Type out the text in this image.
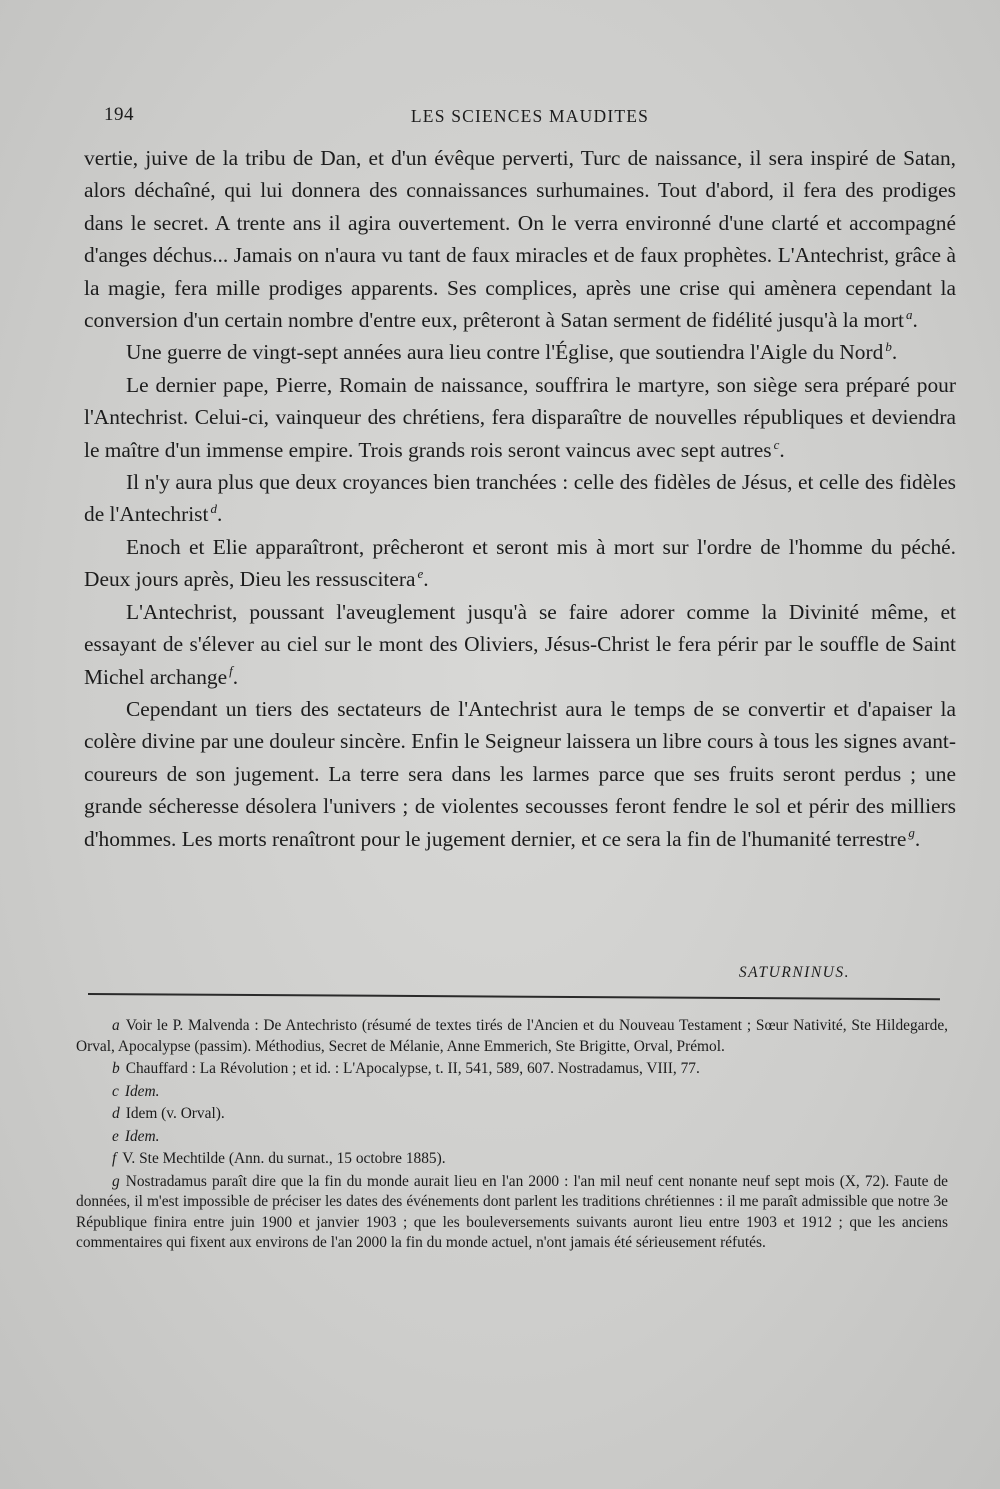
194	LES SCIENCES MAUDITES

vertie, juive de la tribu de Dan, et d'un évêque perverti, Turc de naissance, il sera inspiré de Satan, alors déchaîné, qui lui donnera des connaissances surhumaines. Tout d'abord, il fera des prodiges dans le secret. A trente ans il agira ouvertement. On le verra environné d'une clarté et accompagné d'anges déchus... Jamais on n'aura vu tant de faux miracles et de faux prophètes. L'Antechrist, grâce à la magie, fera mille prodiges apparents. Ses complices, après une crise qui amènera cependant la conversion d'un certain nombre d'entre eux, prêteront à Satan serment de fidélité jusqu'à la mort $^a$.

Une guerre de vingt-sept années aura lieu contre l'Église, que soutiendra l'Aigle du Nord $^b$.

Le dernier pape, Pierre, Romain de naissance, souffrira le martyre, son siège sera préparé pour l'Antechrist. Celui-ci, vainqueur des chrétiens, fera disparaître de nouvelles républiques et deviendra le maître d'un immense empire. Trois grands rois seront vaincus avec sept autres $^c$.

Il n'y aura plus que deux croyances bien tranchées : celle des fidèles de Jésus, et celle des fidèles de l'Antechrist $^d$.

Enoch et Elie apparaîtront, prêcheront et seront mis à mort sur l'ordre de l'homme du péché. Deux jours après, Dieu les ressuscitera $^e$.

L'Antechrist, poussant l'aveuglement jusqu'à se faire adorer comme la Divinité même, et essayant de s'élever au ciel sur le mont des Oliviers, Jésus-Christ le fera périr par le souffle de Saint Michel archange $^f$.

Cependant un tiers des sectateurs de l'Antechrist aura le temps de se convertir et d'apaiser la colère divine par une douleur sincère. Enfin le Seigneur laissera un libre cours à tous les signes avant-coureurs de son jugement. La terre sera dans les larmes parce que ses fruits seront perdus ; une grande sécheresse désolera l'univers ; de violentes secousses feront fendre le sol et périr des milliers d'hommes. Les morts renaîtront pour le jugement dernier, et ce sera la fin de l'humanité terrestre $^g$.

SATURNINUS.

a Voir le P. Malvenda : De Antechristo (résumé de textes tirés de l'Ancien et du Nouveau Testament ; Sœur Nativité, Ste Hildegarde, Orval, Apocalypse (passim). Méthodius, Secret de Mélanie, Anne Emmerich, Ste Brigitte, Orval, Prémol.

b Chauffard : La Révolution ; et id. : L'Apocalypse, t. II, 541, 589, 607. Nostradamus, VIII, 77.

c Idem.

d Idem (v. Orval).

e Idem.

f V. Ste Mechtilde (Ann. du surnat., 15 octobre 1885).

g Nostradamus paraît dire que la fin du monde aurait lieu en l'an 2000 : l'an mil neuf cent nonante neuf sept mois (X, 72). Faute de données, il m'est impossible de préciser les dates des événements dont parlent les traditions chrétiennes : il me paraît admissible que notre 3e République finira entre juin 1900 et janvier 1903 ; que les bouleversements suivants auront lieu entre 1903 et 1912 ; que les anciens commentaires qui fixent aux environs de l'an 2000 la fin du monde actuel, n'ont jamais été sérieusement réfutés.
